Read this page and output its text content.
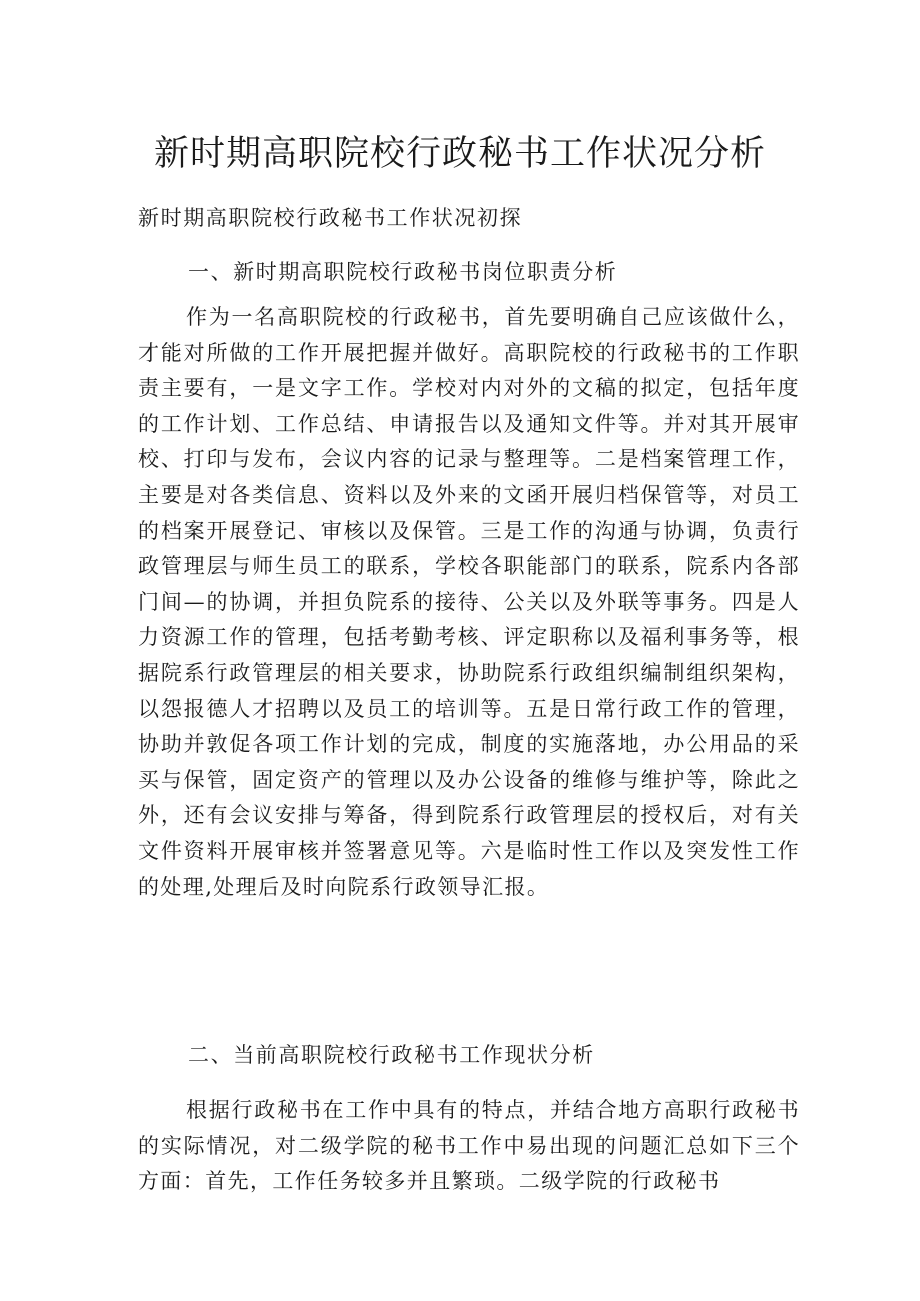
新时期高职院校行政秘书工作状况分析

新时期高职院校行政秘书工作状况初探

一、新时期高职院校行政秘书岗位职责分析

作为一名高职院校的行政秘书，首先要明确自己应该做什么，才能对所做的工作开展把握并做好。高职院校的行政秘书的工作职责主要有，一是文字工作。学校对内对外的文稿的拟定，包括年度的工作计划、工作总结、申请报告以及通知文件等。并对其开展审校、打印与发布，会议内容的记录与整理等。二是档案管理工作，主要是对各类信息、资料以及外来的文函开展归档保管等，对员工的档案开展登记、审核以及保管。三是工作的沟通与协调，负责行政管理层与师生员工的联系，学校各职能部门的联系，院系内各部门间—的协调，并担负院系的接待、公关以及外联等事务。四是人力资源工作的管理，包括考勤考核、评定职称以及福利事务等，根据院系行政管理层的相关要求，协助院系行政组织编制组织架构，以怨报德人才招聘以及员工的培训等。五是日常行政工作的管理，协助并敦促各项工作计划的完成，制度的实施落地，办公用品的采买与保管，固定资产的管理以及办公设备的维修与维护等，除此之外，还有会议安排与筹备，得到院系行政管理层的授权后，对有关文件资料开展审核并签署意见等。六是临时性工作以及突发性工作的处理,处理后及时向院系行政领导汇报。

二、当前高职院校行政秘书工作现状分析

根据行政秘书在工作中具有的特点，并结合地方高职行政秘书的实际情况，对二级学院的秘书工作中易出现的问题汇总如下三个方面：首先，工作任务较多并且繁琐。二级学院的行政秘书
